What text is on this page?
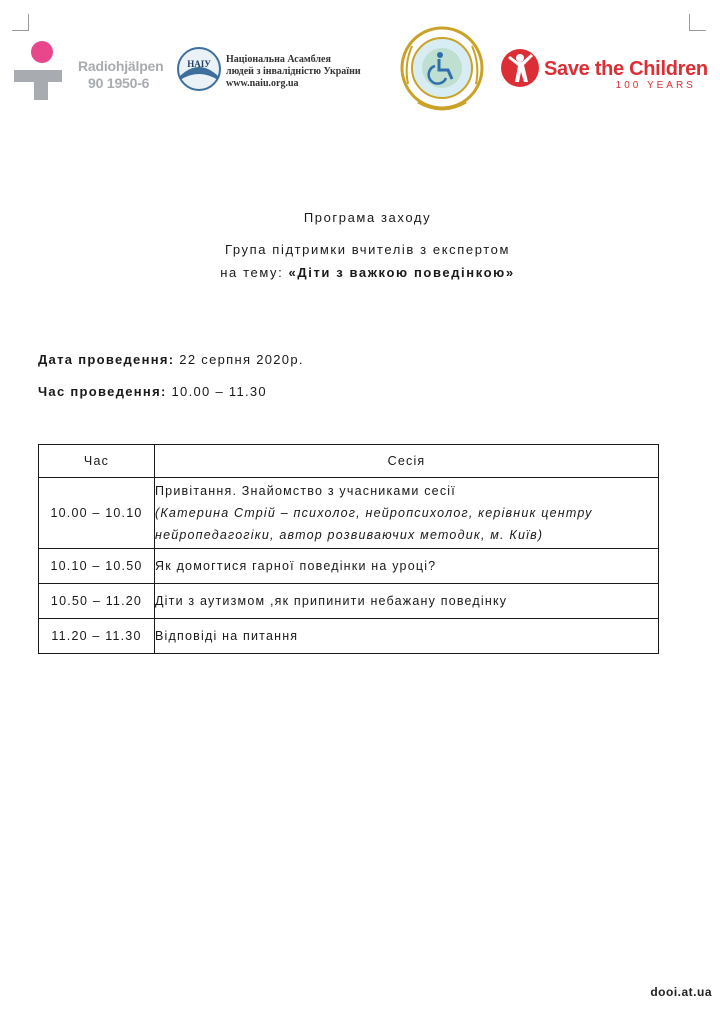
Radiohjälpen
90 1950-6
НАІУ Національна Асамблея
людей з інвалідністю України
www.naiu.org.ua
Save the Children
100 YEARS
Програма заходу
Група підтримки вчителів з експертом
на тему: «Діти з важкою поведінкою»
Дата проведення: 22 серпня 2020р.
Час проведення: 10.00 – 11.30
Час	Сесія
10.00 – 10.10	Привітання. Знайомство з учасниками сесії
(Катерина Стрій – психолог, нейропсихолог, керівник центру нейропедагогіки, автор розвиваючих методик, м. Київ)

10.10 – 10.50	Як домогтися гарної поведінки на уроці?
10.50 – 11.20	Діти з аутизмом ,як припинити небажану поведінку
11.20 – 11.30	Відповіді на питання
dooi.at.ua
